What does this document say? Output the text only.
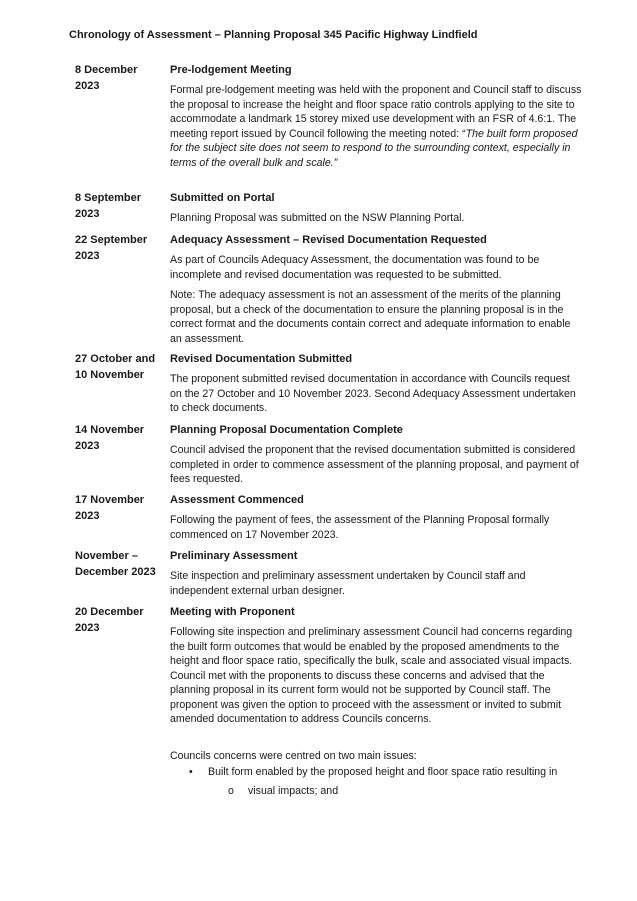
Chronology of Assessment – Planning Proposal 345 Pacific Highway Lindfield
8 December
2023
Pre-lodgement Meeting
Formal pre-lodgement meeting was held with the proponent and Council staff to discuss the proposal to increase the height and floor space ratio controls applying to the site to accommodate a landmark 15 storey mixed use development with an FSR of 4.6:1. The meeting report issued by Council following the meeting noted: “The built form proposed for the subject site does not seem to respond to the surrounding context, especially in terms of the overall bulk and scale.”
8 September
2023
Submitted on Portal
Planning Proposal was submitted on the NSW Planning Portal.
22 September
2023
Adequacy Assessment – Revised Documentation Requested
As part of Councils Adequacy Assessment, the documentation was found to be incomplete and revised documentation was requested to be submitted.
Note: The adequacy assessment is not an assessment of the merits of the planning proposal, but a check of the documentation to ensure the planning proposal is in the correct format and the documents contain correct and adequate information to enable an assessment.
27 October and
10 November
Revised Documentation Submitted
The proponent submitted revised documentation in accordance with Councils request on the 27 October and 10 November 2023. Second Adequacy Assessment undertaken to check documents.
14 November
2023
Planning Proposal Documentation Complete
Council advised the proponent that the revised documentation submitted is considered completed in order to commence assessment of the planning proposal, and payment of fees requested.
17 November
2023
Assessment Commenced
Following the payment of fees, the assessment of the Planning Proposal formally commenced on 17 November 2023.
November –
December 2023
Preliminary Assessment
Site inspection and preliminary assessment undertaken by Council staff and independent external urban designer.
20 December
2023
Meeting with Proponent
Following site inspection and preliminary assessment Council had concerns regarding the built form outcomes that would be enabled by the proposed amendments to the height and floor space ratio, specifically the bulk, scale and associated visual impacts. Council met with the proponents to discuss these concerns and advised that the planning proposal in its current form would not be supported by Council staff. The proponent was given the option to proceed with the assessment or invited to submit amended documentation to address Councils concerns.
Councils concerns were centred on two main issues:
• Built form enabled by the proposed height and floor space ratio resulting in
o visual impacts; and
